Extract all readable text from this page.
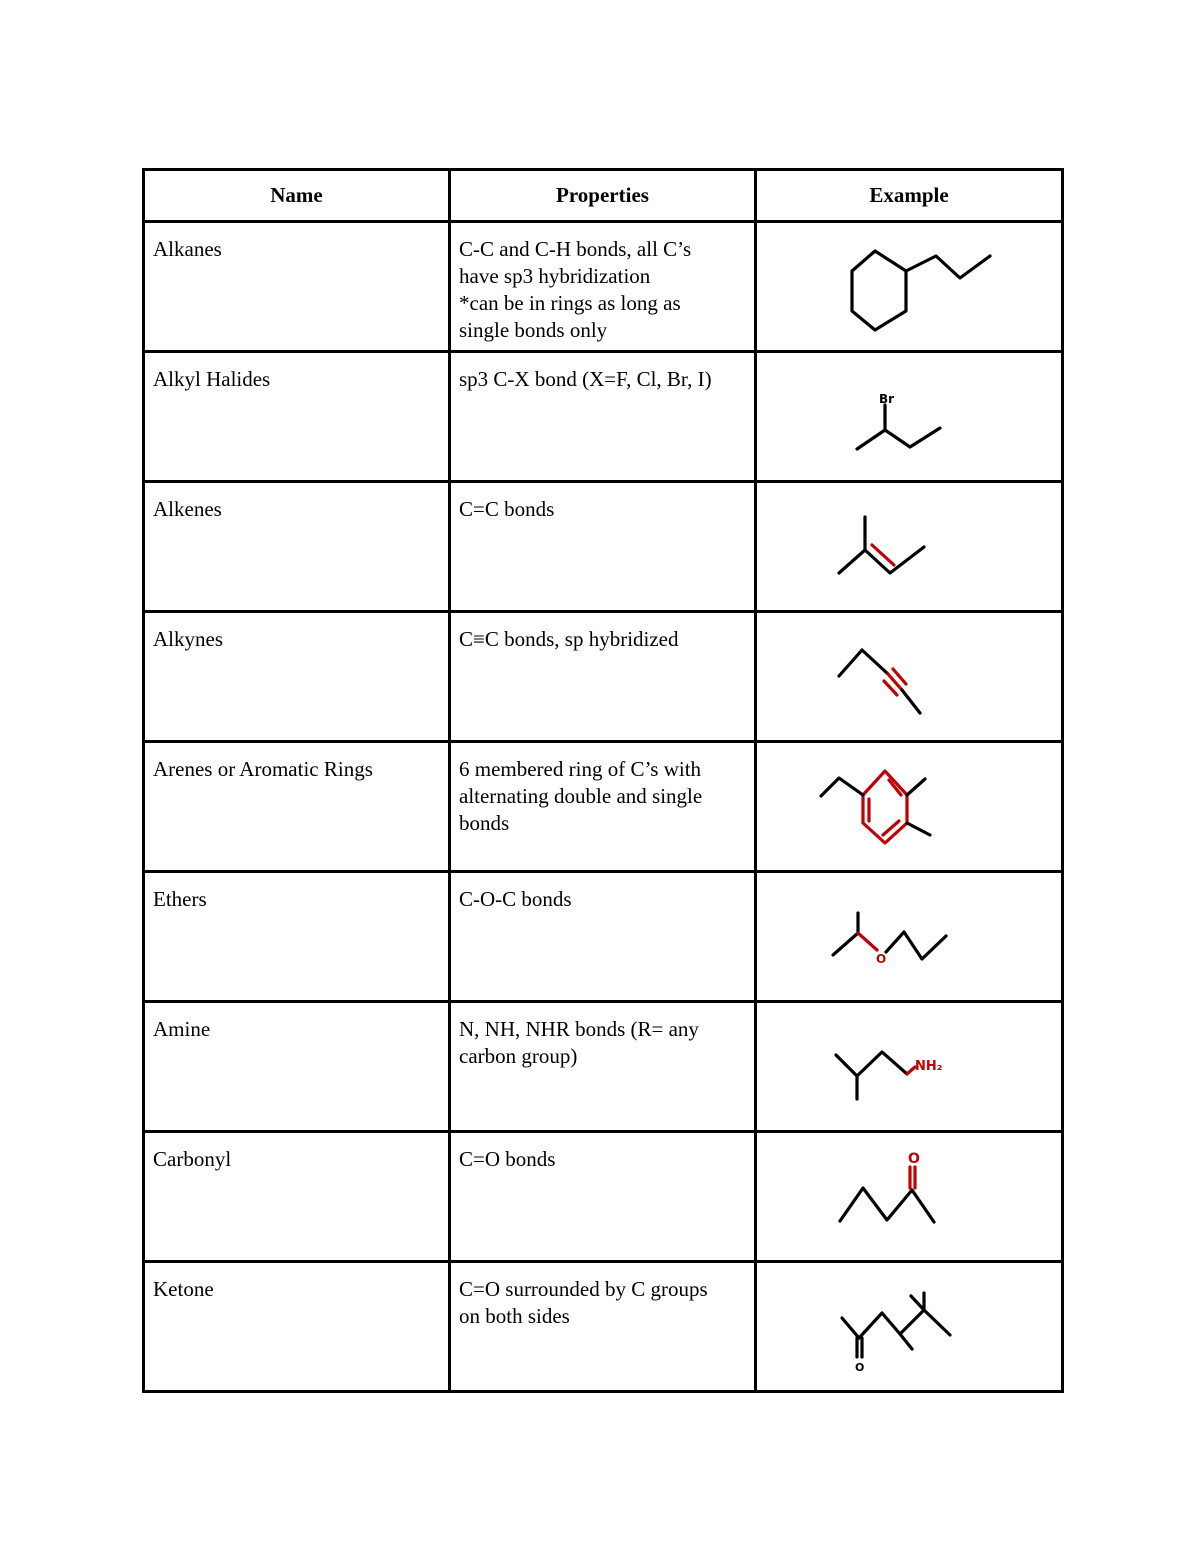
Name	Properties	Example

Alkanes	C-C and C-H bonds, all C’s
have sp3 hybridization
*can be in rings as long as
single bonds only

Alkyl Halides	sp3 C-X bond (X=F, Cl, Br, I)	Br

Alkenes	C=C bonds

Alkynes	C≡C bonds, sp hybridized

Arenes or Aromatic Rings	6 membered ring of C’s with
alternating double and single
bonds

Ethers	C-O-C bonds	O

Amine	N, NH, NHR bonds (R= any
carbon group)	NH₂

Carbonyl	C=O bonds	O

Ketone	C=O surrounded by C groups
on both sides	O
